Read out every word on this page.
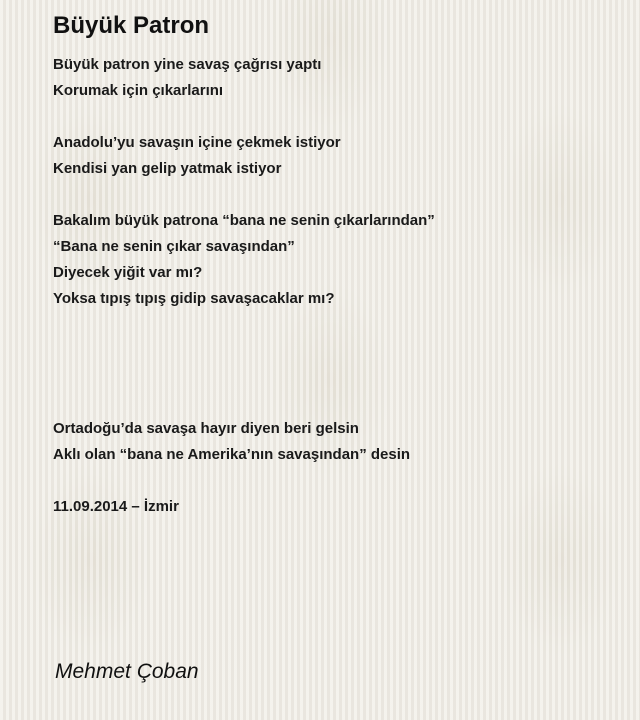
Büyük Patron
Büyük patron yine savaş çağrısı yaptı
Korumak için çıkarlarını
Anadolu’yu savaşın içine çekmek istiyor
Kendisi yan gelip yatmak istiyor
Bakalım büyük patrona “bana ne senin çıkarlarından”
“Bana ne senin çıkar savaşından”
Diyecek yiğit var mı?
Yoksa tıpış tıpış gidip savaşacaklar mı?
Ortadoğu’da savaşa hayır diyen beri gelsin
Aklı olan “bana ne Amerika’nın savaşından” desin
11.09.2014 – İzmir
Mehmet Çoban
